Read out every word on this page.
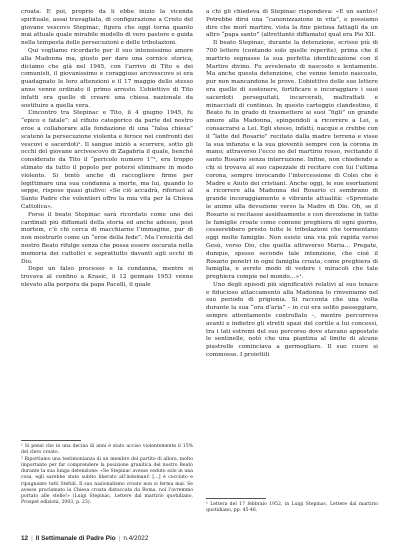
croata. E poi, proprio da lì ebbe inizio la vicenda spirituale, assai travagliata, di configurazione a Cristo del giovane vescovo Stepinac, figura che oggi torna quanto mai attuale quale mirabile modello di vero pastore e guida nella tempesta delle persecuzioni e delle tribolazioni.

Qui vogliamo ricordarlo per il suo intensissimo amore alla Madonna ma, giusto per dare una cornice storica, diciamo che già nel 1945, con l’arrivo di Tito e dei comunisti, il giovanissimo e coraggioso arcivescovo si era guadagnato le loro attenzioni e il 17 maggio dello stesso anno venne ordinato il primo arresto. L’obiettivo di Tito infatti era quello di creare una chiesa nazionale da sostituire a quella vera.

L’incontro tra Stepinac e Tito, il 4 giugno 1945, fu “epico e fatale”: al rifiuto categorico da parte del nostro eroe a collaborare alla fondazione di una “falsa chiesa” scatenò la persecuzione violenta e feroce nei confronti dei vescovi e sacerdoti¹. Il sangue iniziò a scorrere, sotto gli occhi del giovane arcivescovo di Zagabria il quale, benché considerato da Tito il “pericolo numero 1”², era troppo stimato da tutto il popolo per potersi eliminare in modo violento. Si tentò anche di raccogliere firme per legittimare una sua condanna a morte, ma lui, quando lo seppe, rispose quasi giulivo: «Se ciò accadrà, riferisci al Santo Padre che volentieri offro la mia vita per la Chiesa Cattolica».

Forse il beato Stepinac sarà ricordato come uno dei cardinali più diffamati della storia ed anche adesso, post mortem, c’è chi cerca di macchiarne l’immagine, pur di non mostrarlo come un “eroe della fede”. Ma l’eroicità del nostro Beato rifulge senza che possa essere oscurata nella memoria dei cattolici e soprattutto davanti agli occhi di Dio.

Dopo un falso processo e la condanna, mentre si trovava al confino a Krasic, il 12 gennaio 1953 venne elevato alla porpora da papa Pacelli, il quale

¹ Si pensi che in una decina di anni è stato ucciso violentemente il 15% del clero croato.

² Riportiamo una testimonianza di un membro del partito di allora, molto importante per far comprendere la posizione granitica del nostro Beato durante la sua lunga detenzione: «Se Stepinac avesse ceduto solo in una cosa, egli sarebbe stato subito liberato all’indomani! […] è cocciuto e ripugnante tutti Stefuli. Il suo nazionalismo croato non si ferma mai. Se avesse proclamato la Chiesa croata distaccata da Roma, noi l’avremmo portato alle stelle!» (Luigi Stepinac, Lettere dal martirio quotidiano, Prospet edizioni, 2003, p. 23).

a chi gli chiedeva di Stepinac rispondeva: «È un santo»! Potrebbe dirsi una “canonizzazione in vita”, e possiamo dire che morì martire, vista la fine pietosa fattagli da un altro “papa santo” (altrettanto diffamato) qual era Pio XII.

Il beato Stepinac, durante la detenzione, scrisse più di 700 lettere (contando solo quelle reperite), prima che il martirio segnasse la sua perfetta identificazione con il Martire divino. Fu avvelenato di nascosto e lentamente. Ma anche questa detenzione, che venne tenuto nascosto, pur non mancandone le prove. L’obiettivo delle sue lettere era quello di sostenere, fortificare e incoraggiare i suoi sacerdoti perseguitati, incarcerati, maltrattati e minacciati di continuo. In questo carteggio clandestino, il Beato fu in grado di trasmettere ai suoi “figli” un grande amore alla Madonna, spingendoli a ricorrere a Lei, a consacrarsi a Lei. Egli stesso, infatti, nacque e crebbe con il “latte del Rosario” recitato dalla madre terrena e visse la sua infanzia e la sua gioventù sempre con la corona in mano; attraverso l’ecco no del martirio rosso, recitando il santo Rosario senza interruzione. Infine, non chiedendo a chi si trovava al suo capezzale di recitare con lui l’ultima corona, sempre invocando l’intercessione di Colei che è Madre e Aiuto dei cristiani. Anche oggi, le sue esortazioni a ricorrere alla Madonna del Rosario ci sembrano di grande incoraggiamento e vibrante attualità: «Sproniate le anime alla devozione verso la Madre di Dio. Oh, se il Rosario si recitasse assiduamente e con devozione in tutte le famiglie croate come comune preghiera di ogni giorno, cesserebbero presto tutte le tribolazioni che tormentano oggi molte famiglie. Non esiste una via più rapida verso Gesù, verso Dio, che quella attraverso Maria… Pregate, dunque, spesso secondo tale intenzione, che cioè il Rosario penetri in ogni famiglia croata, come preghiera di famiglia, e avrete modo di vedere i miracoli che tale preghiera compie nel mondo…»¹.

Uno degli episodi più significativi relativi al suo tenace e fiducioso attaccamento alla Madonna lo rinveniamo nel suo periodo di prigionia. Si racconta che una volta durante la sua “ora d’aria” – in cui era solito passeggiare, sempre attentamente controllato –, mentre percorreva avanti e indietro gli stretti spazi del cortile a lui concessi, tra i lati estremi del suo percorso dove stavano appostate le sentinelle, notò che una piantina al limite di alcune piastrelle cominciava a germogliare. Il suo cuore si commosse. I proiettili

¹ Lettera del 17 febbraio 1952, in Luigi Stepinac, Lettere dal martirio quotidiano, pp. 45-46.

12 | Il Settimanale di Padre Pio | n.4/2022
